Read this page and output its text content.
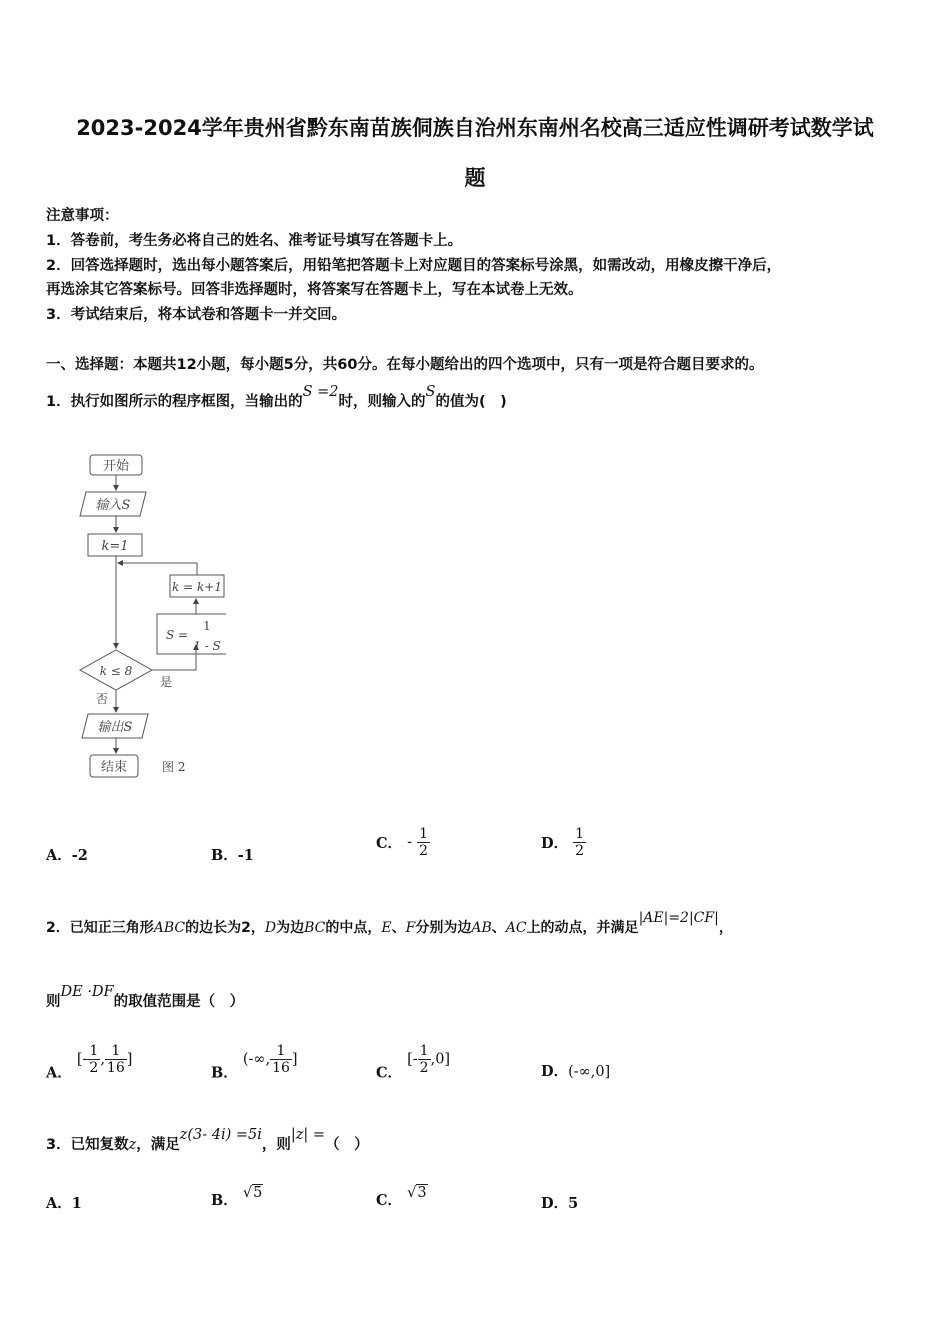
2023-2024学年贵州省黔东南苗族侗族自治州东南州名校高三适应性调研考试数学试
题
注意事项：
1．答卷前，考生务必将自己的姓名、准考证号填写在答题卡上。
2．回答选择题时，选出每小题答案后，用铅笔把答题卡上对应题目的答案标号涂黑，如需改动，用橡皮擦干净后，
再选涂其它答案标号。回答非选择题时，将答案写在答题卡上，写在本试卷上无效。
3．考试结束后，将本试卷和答题卡一并交回。
一、选择题：本题共12小题，每小题5分，共60分。在每小题给出的四个选项中，只有一项是符合题目要求的。
1．执行如图所示的程序框图，当输出的S =2时，则输入的S的值为(　)
开始
输入S
k=1
k = k+1
S =
1
1 - S
k ≤ 8
是
否
输出S
结束	图 2
A．-2	B．-1
C． - $\frac{1}{2}$	D． $\frac{1}{2}$
2．已知正三角形ABC的边长为2，D为边BC的中点，E、F分别为边AB、AC上的动点，并满足|AE|=2|CF|，
则DE ·DF的取值范围是（　）
A． [- $\frac{1}{2}$ , $\frac{1}{16}$ ]
B． (-∞, $\frac{1}{16}$ ]
C． [- $\frac{1}{2} ,0$]
D．(-∞,0]
3．已知复数z，满足z(3- 4i) =5i，则|z| =（　）
A．1	B． √5	C． √3
D．5
